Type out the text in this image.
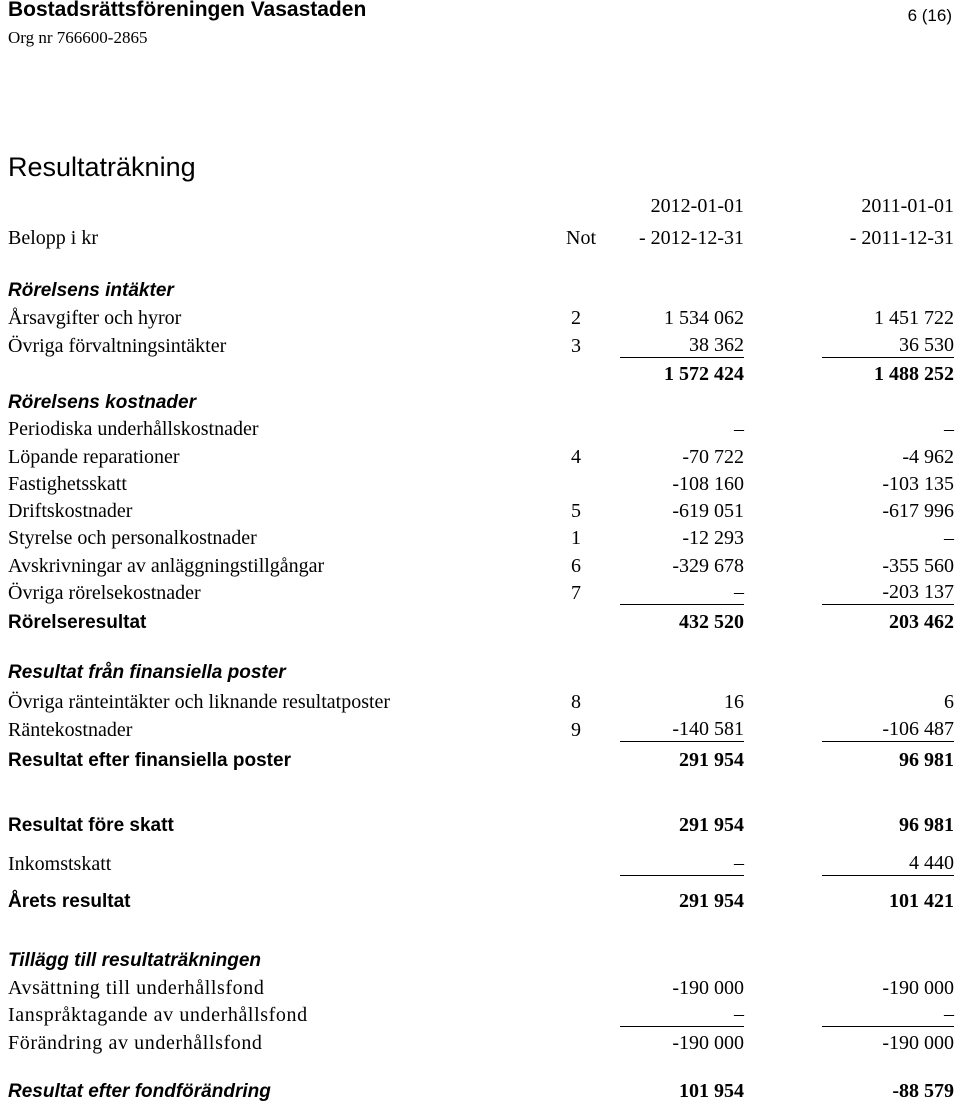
Bostadsrättsföreningen Vasastaden
Org nr 766600-2865
6 (16)
Resultaträkning
2012-01-01	2011-01-01
Belopp i kr	Not	- 2012-12-31	- 2011-12-31
Rörelsens intäkter
Årsavgifter och hyror	2	1 534 062	1 451 722
Övriga förvaltningsintäkter	3	38 362	36 530
1 572 424	1 488 252
Rörelsens kostnader
Periodiska underhållskostnader	–	–
Löpande reparationer	4	-70 722	-4 962
Fastighetsskatt	-108 160	-103 135
Driftskostnader	5	-619 051	-617 996
Styrelse och personalkostnader	1	-12 293	–
Avskrivningar av anläggningstillgångar	6	-329 678	-355 560
Övriga rörelsekostnader	7	–	-203 137
Rörelseresultat	432 520	203 462
Resultat från finansiella poster
Övriga ränteintäkter och liknande resultatposter	8	16	6
Räntekostnader	9	-140 581	-106 487
Resultat efter finansiella poster	291 954	96 981
Resultat före skatt	291 954	96 981
Inkomstskatt	–	4 440
Årets resultat	291 954	101 421
Tillägg till resultaträkningen
Avsättning till underhållsfond	-190 000	-190 000
Ianspråktagande av underhållsfond	–	–
Förändring av underhållsfond	-190 000	-190 000
Resultat efter fondförändring	101 954	-88 579
